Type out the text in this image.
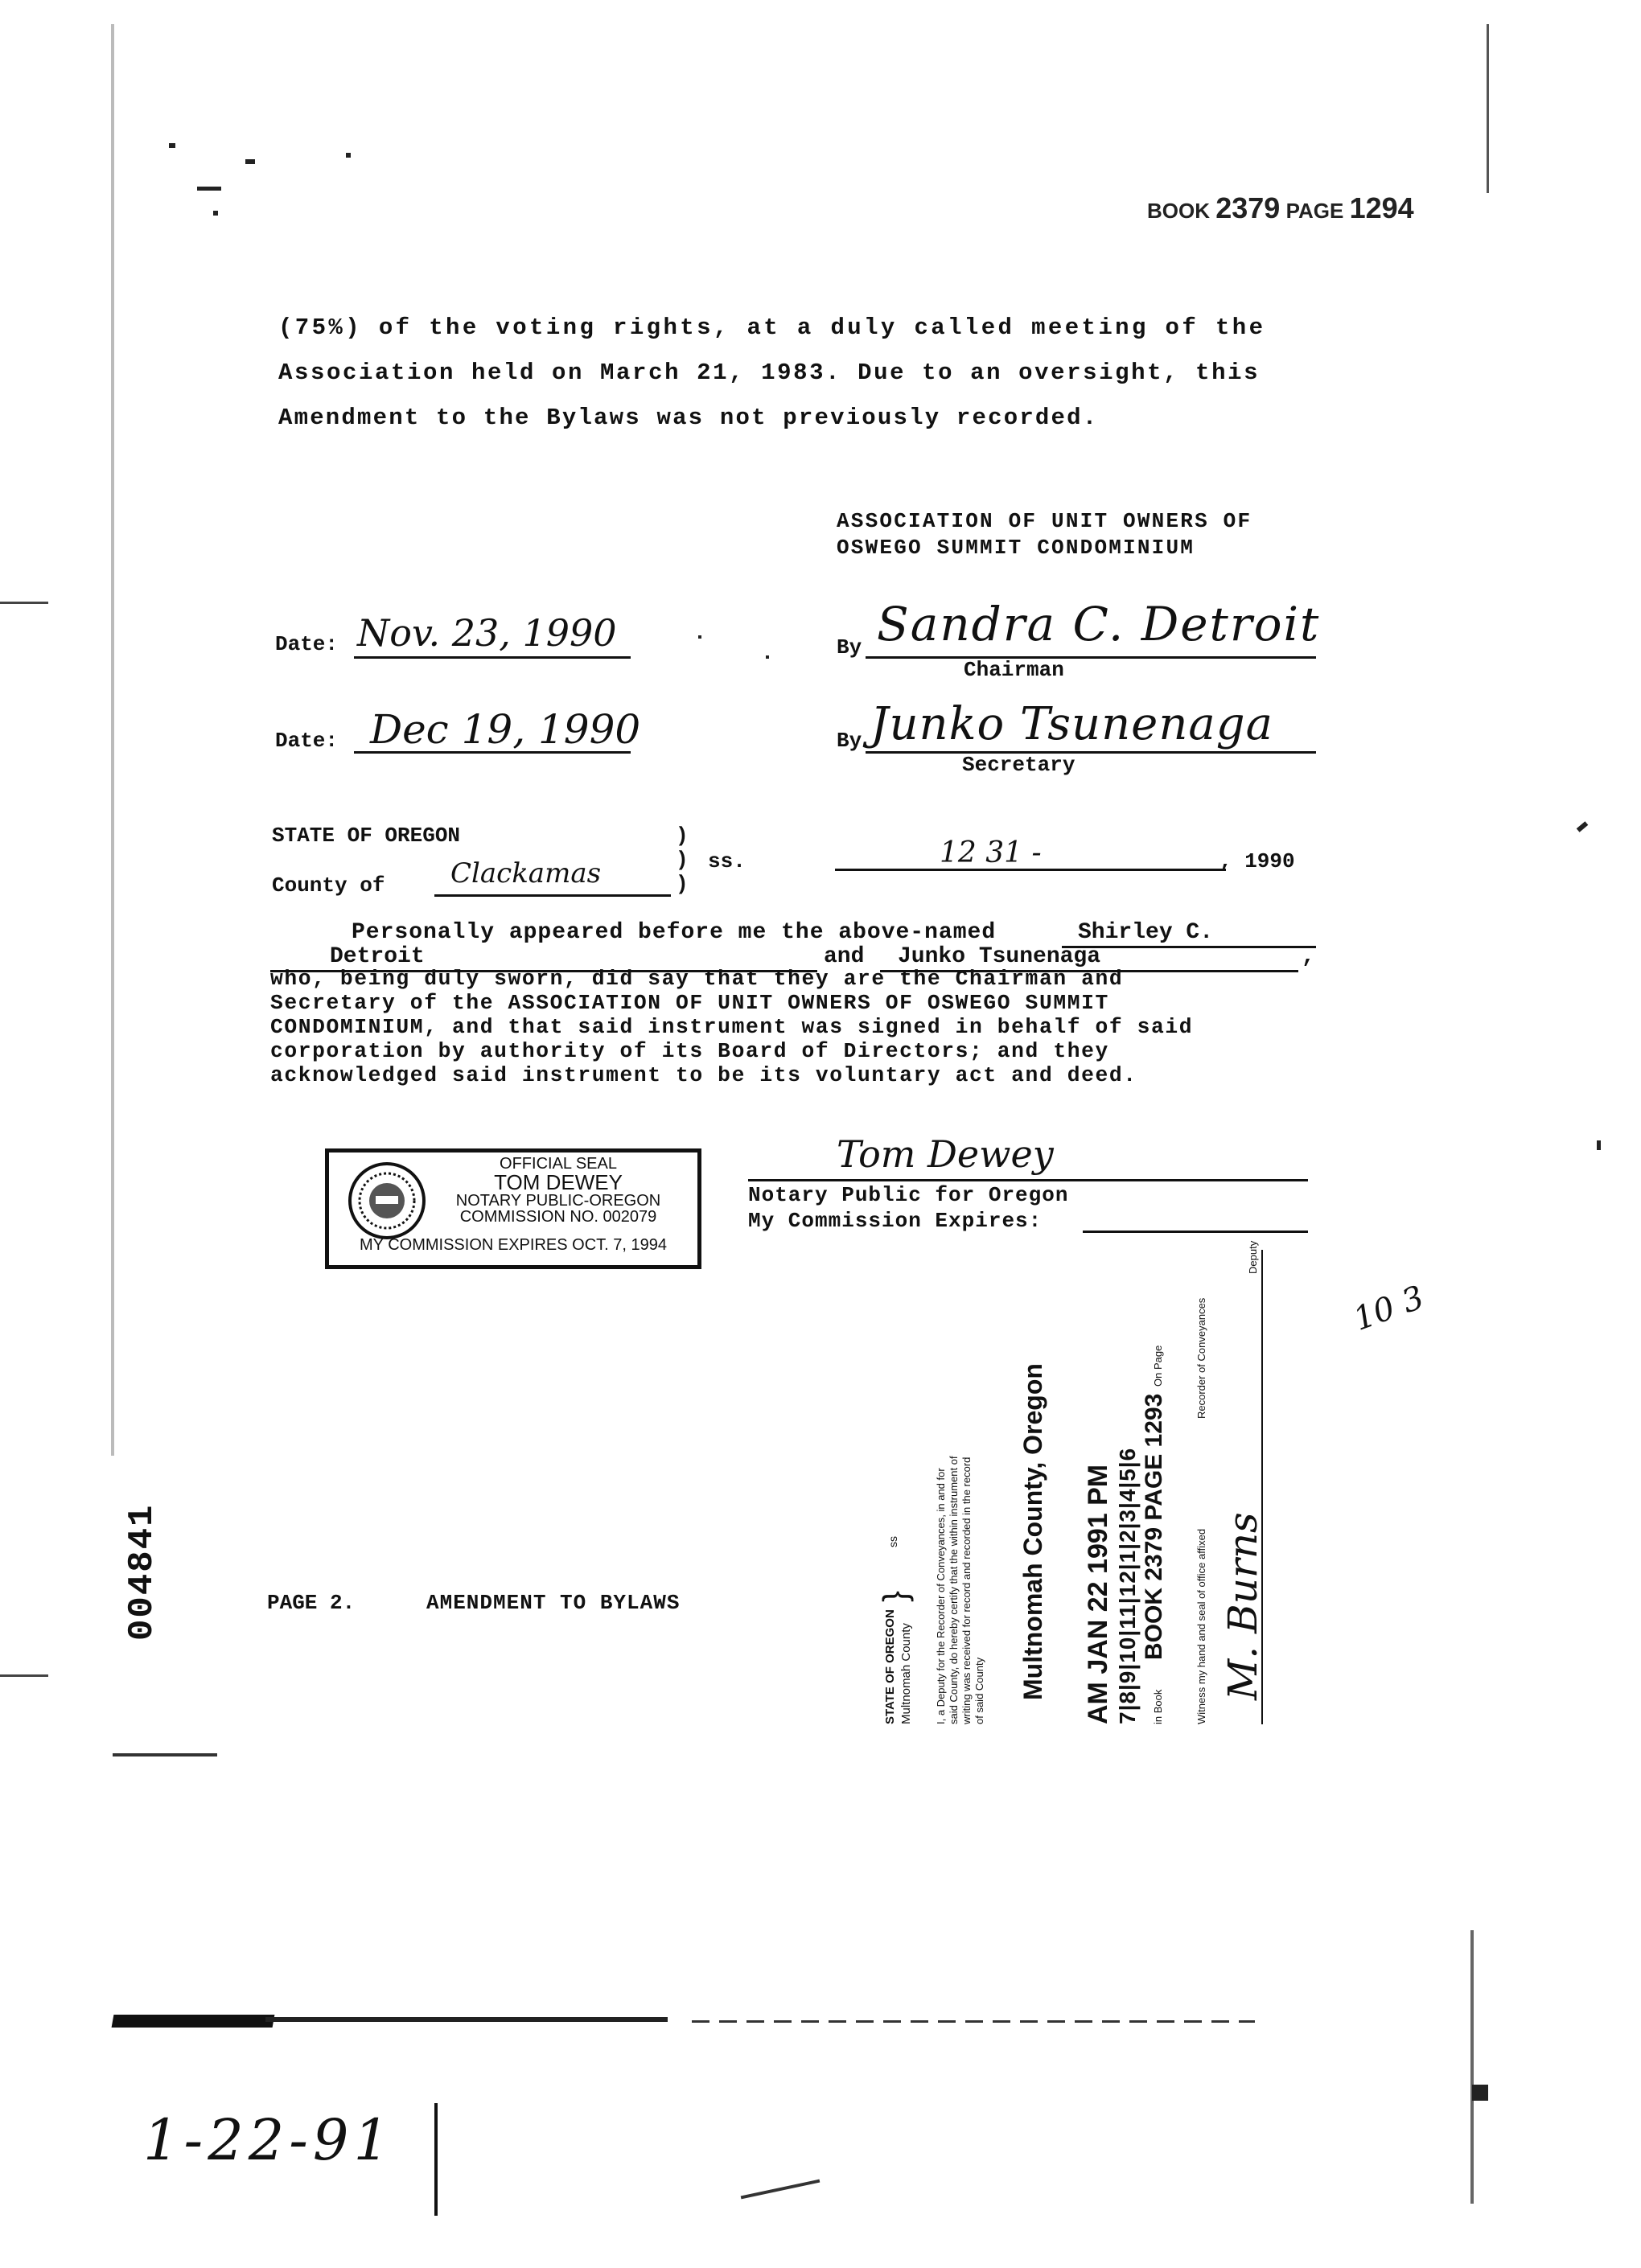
BOOK 2379 PAGE 1294
(75%) of the voting rights, at a duly called meeting of the
Association held on March 21, 1983. Due to an oversight, this
Amendment to the Bylaws was not previously recorded.
ASSOCIATION OF UNIT OWNERS OF
OSWEGO SUMMIT CONDOMINIUM
Date: Nov. 23, 1990	By Sandra C. Detroit
Chairman
Date: Dec 19, 1990	By Junko Tsunenaga
Secretary
STATE OF OREGON	)
)
)
ss.
County of Clackamas
12 31 -	, 1990
Personally appeared before me the above-named	Shirley C.
Detroit	and Junko Tsunenaga	,
who, being duly sworn, did say that they are the Chairman and
Secretary of the ASSOCIATION OF UNIT OWNERS OF OSWEGO SUMMIT
CONDOMINIUM, and that said instrument was signed in behalf of said
corporation by authority of its Board of Directors; and they
acknowledged said instrument to be its voluntary act and deed.
OFFICIAL SEAL
TOM DEWEY
NOTARY PUBLIC-OREGON
COMMISSION NO. 002079
MY COMMISSION EXPIRES OCT. 7, 1994
Tom Dewey
Notary Public for Oregon
My Commission Expires:
10 3
004841	PAGE 2.	AMENDMENT TO BYLAWS
1-22-91
STATE OF OREGON Multnomah County
}
ss	I, a Deputy for the Recorder of Conveyances, in and for said County, do hereby certify that the within instrument of writing was received for record and recorded in the record of said County Multnomah County, Oregon AM JAN 22 1991 PM 7|8|9|10|11|12|1|2|3|4|5|6 in Book
BOOK 2379 PAGE 1293
On Page
Witness my hand and seal of office affixed
Recorder of Conveyances
M. Burns
Deputy
